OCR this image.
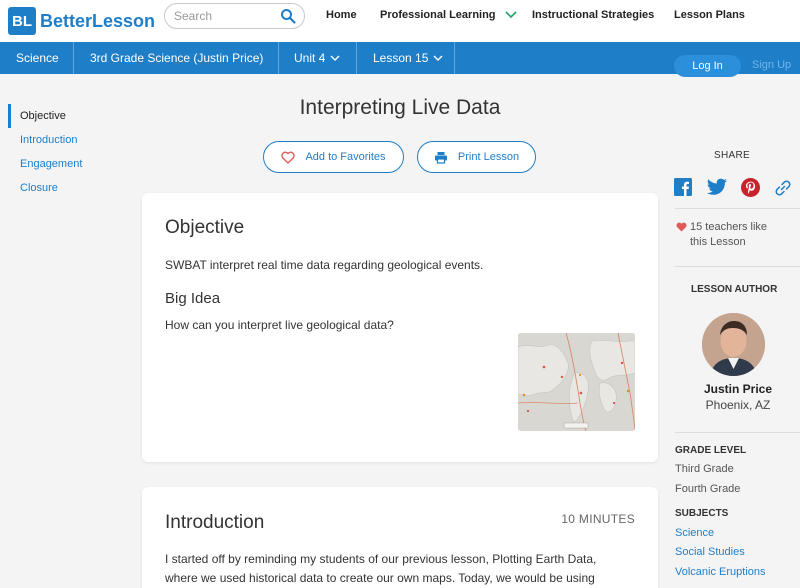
BL BetterLesson
Search	Home Professional Learning	Instructional Strategies Lesson Plans
Science	3rd Grade Science (Justin Price)	Unit 4	Lesson 15
Log In	Sign Up
Objective
Introduction
Engagement
Closure
Interpreting Live Data
Add to Favorites	Print Lesson
Objective

SWBAT interpret real time data regarding geological events.

Big Idea

How can you interpret live geological data?

Introduction	10 MINUTES

I started off by reminding my students of our previous lesson, Plotting Earth Data,

where we used historical data to create our own maps. Today, we would be using

SHARE
15 teachers like
this Lesson
LESSON AUTHOR
Justin Price
Phoenix, AZ
GRADE LEVEL
Third Grade
Fourth Grade
SUBJECTS
Science
Social Studies
Volcanic Eruptions
